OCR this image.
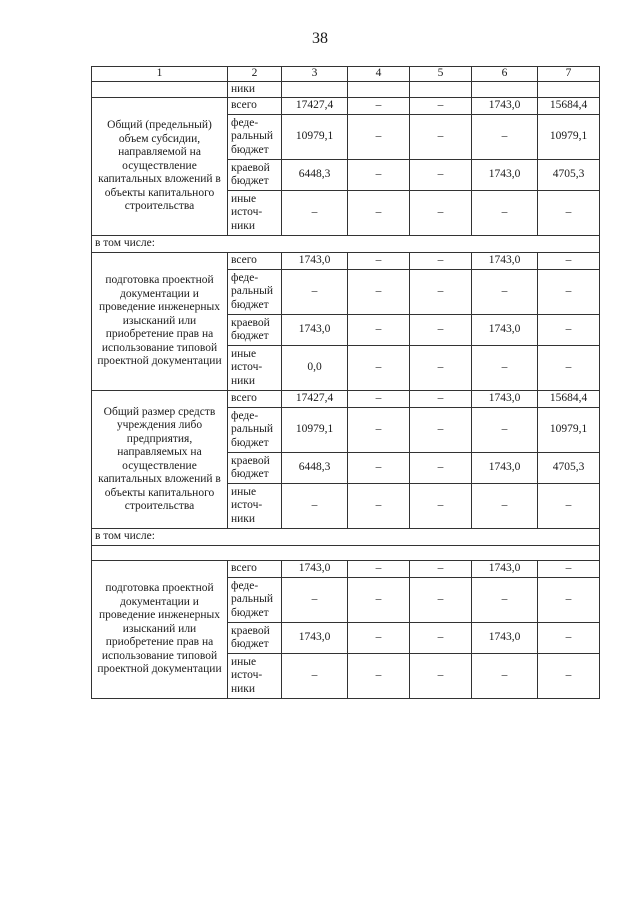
38
1	2	3	4	5	6	7
	ники					
Общий (предельный) объем субсидии, направляемой на осуществление капитальных вложений в объекты капитального строительства	всего	17427,4	–	–	1743,0	15684,4
	феде-ральный бюджет	10979,1	–	–	–	10979,1
	краевой бюджет	6448,3	–	–	1743,0	4705,3
	иные источ-ники	–	–	–	–	–
в том числе:						
подготовка проектной документации и проведение инженерных изысканий или приобретение прав на использование типовой проектной документации	всего	1743,0	–	–	1743,0	–
	феде-ральный бюджет	–	–	–	–	–
	краевой бюджет	1743,0	–	–	1743,0	–
	иные источ-ники	0,0	–	–	–	–
Общий размер средств учреждения либо предприятия, направляемых на осуществление капитальных вложений в объекты капитального строительства	всего	17427,4	–	–	1743,0	15684,4
	феде-ральный бюджет	10979,1	–	–	–	10979,1
	краевой бюджет	6448,3	–	–	1743,0	4705,3
	иные источ-ники	–	–	–	–	–
в том числе:						

подготовка проектной документации и проведение инженерных изысканий или приобретение прав на использование типовой проектной документации	всего	1743,0	–	–	1743,0	–
	феде-ральный бюджет	–	–	–	–	–
	краевой бюджет	1743,0	–	–	1743,0	–
	иные источ-ники	–	–	–	–	–
